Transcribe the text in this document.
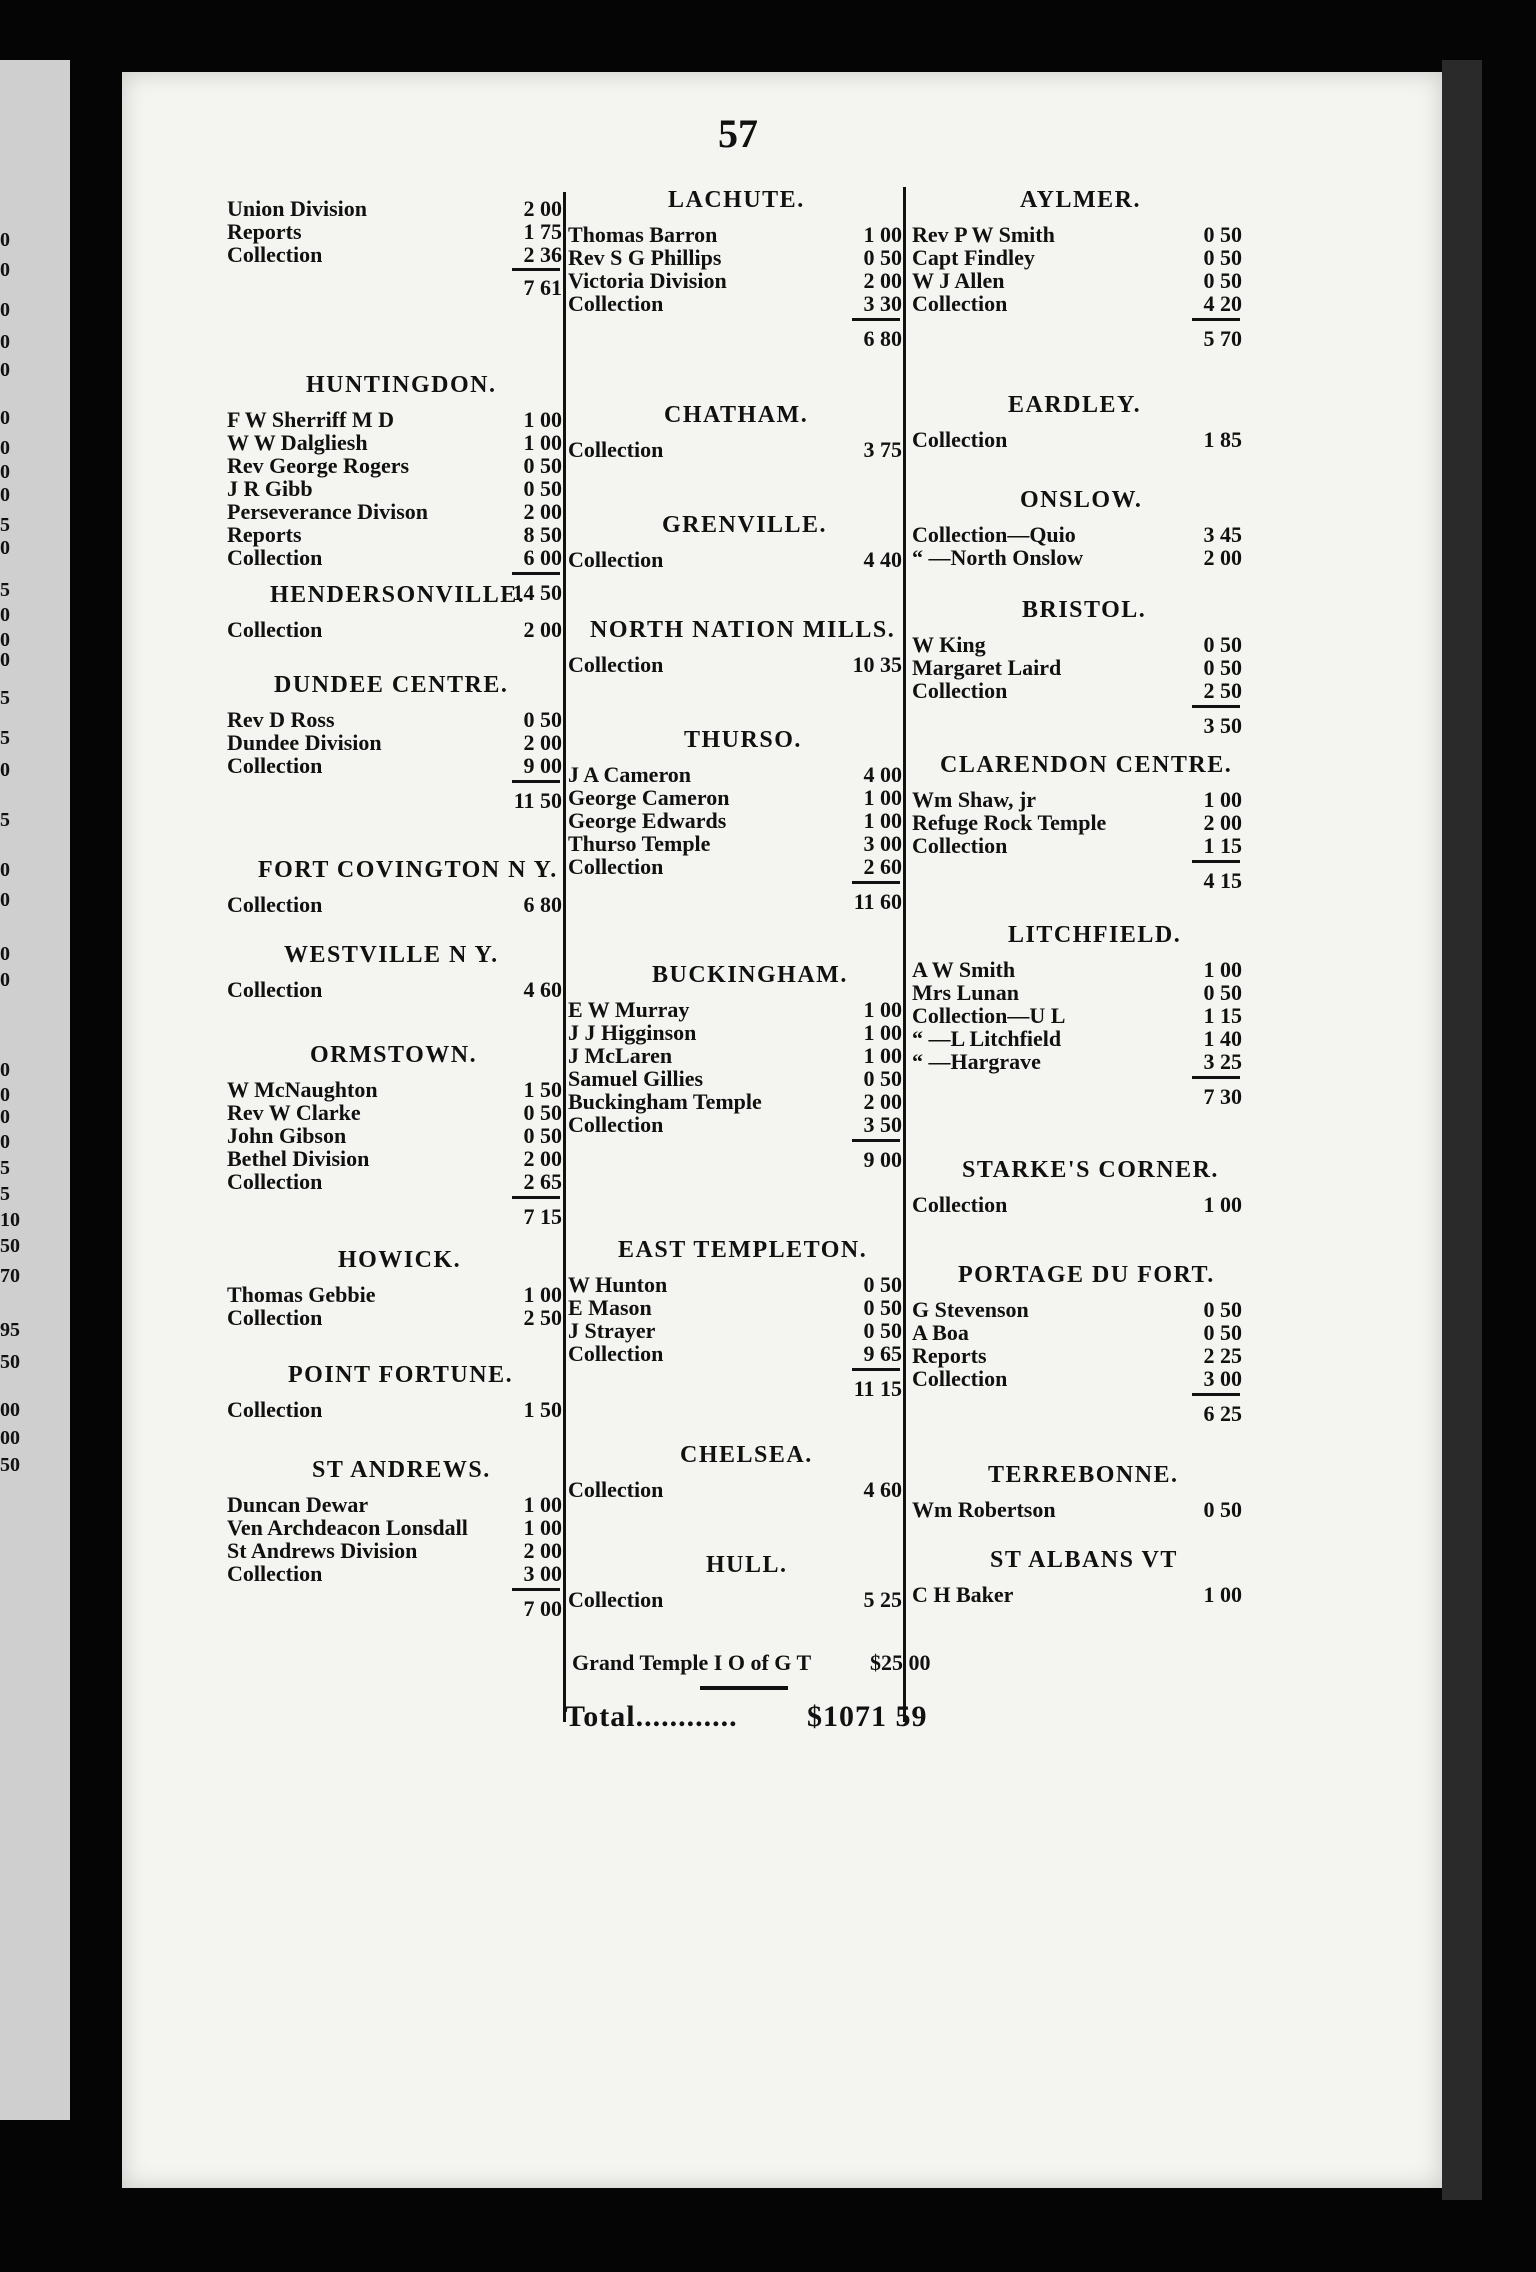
0
0
0
0
0
0
0
0
0
5
0
5
0
0
0
5
5
0
5
0
0
0
0
0
0
0
0
5
5
10
50
70
95
50
00
00
50
57
Union Division	2 00
Reports	1 75
Collection	2 36
7 61
HUNTINGDON.
F W Sherriff M D	1 00
W W Dalgliesh	1 00
Rev George Rogers	0 50
J R Gibb	0 50
Perseverance Divison	2 00
Reports	8 50
Collection	6 00
14 50
HENDERSONVILLE.
Collection	2 00
DUNDEE CENTRE.
Rev D Ross	0 50
Dundee Division	2 00
Collection	9 00
11 50
FORT COVINGTON N Y.
Collection	6 80
WESTVILLE N Y.
Collection	4 60
ORMSTOWN.
W McNaughton	1 50
Rev W Clarke	0 50
John Gibson	0 50
Bethel Division	2 00
Collection	2 65
7 15
HOWICK.
Thomas Gebbie	1 00
Collection	2 50
POINT FORTUNE.
Collection	1 50
ST ANDREWS.
Duncan Dewar	1 00
Ven Archdeacon Lonsdall	1 00
St Andrews Division	2 00
Collection	3 00
7 00
LACHUTE.
Thomas Barron	1 00
Rev S G Phillips	0 50
Victoria Division	2 00
Collection	3 30
6 80
CHATHAM.
Collection	3 75
GRENVILLE.
Collection	4 40
NORTH NATION MILLS.
Collection	10 35
THURSO.
J A Cameron	4 00
George Cameron	1 00
George Edwards	1 00
Thurso Temple	3 00
Collection	2 60
11 60
BUCKINGHAM.
E W Murray	1 00
J J Higginson	1 00
J McLaren	1 00
Samuel Gillies	0 50
Buckingham Temple	2 00
Collection	3 50
9 00
EAST TEMPLETON.
W Hunton	0 50
E Mason	0 50
J Strayer	0 50
Collection	9 65
11 15
CHELSEA.
Collection	4 60
HULL.
Collection	5 25
AYLMER.
Rev P W Smith	0 50
Capt Findley	0 50
W J Allen	0 50
Collection	4 20
5 70
EARDLEY.
Collection	1 85
ONSLOW.
Collection—Quio	3 45
“ —North Onslow	2 00
BRISTOL.
W King	0 50
Margaret Laird	0 50
Collection	2 50
3 50
CLARENDON CENTRE.
Wm Shaw, jr	1 00
Refuge Rock Temple	2 00
Collection	1 15
4 15
LITCHFIELD.
A W Smith	1 00
Mrs Lunan	0 50
Collection—U L	1 15
“ —L Litchfield	1 40
“ —Hargrave	3 25
7 30
STARKE'S CORNER.
Collection	1 00
PORTAGE DU FORT.
G Stevenson	0 50
A Boa	0 50
Reports	2 25
Collection	3 00
6 25
TERREBONNE.
Wm Robertson	0 50
ST ALBANS VT
C H Baker	1 00
Grand Temple I O of G T	$25 00
Total............ $1071 59
